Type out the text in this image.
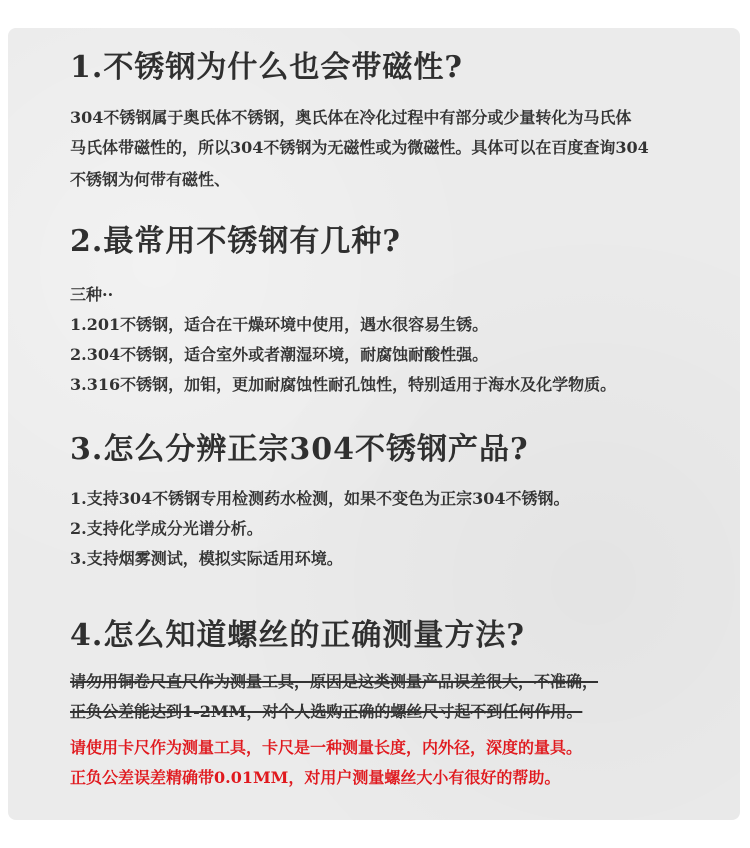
1.不锈钢为什么也会带磁性?
304不锈钢属于奥氏体不锈钢，奥氏体在冷化过程中有部分或少量转化为马氏体
马氏体带磁性的，所以304不锈钢为无磁性或为微磁性。具体可以在百度查询304
不锈钢为何带有磁性、
2.最常用不锈钢有几种?
三种··
1.201不锈钢，适合在干燥环境中使用，遇水很容易生锈。
2.304不锈钢，适合室外或者潮湿环境，耐腐蚀耐酸性强。
3.316不锈钢，加钼，更加耐腐蚀性耐孔蚀性，特别适用于海水及化学物质。
3.怎么分辨正宗304不锈钢产品?
1.支持304不锈钢专用检测药水检测，如果不变色为正宗304不锈钢。
2.支持化学成分光谱分析。
3.支持烟雾测试，模拟实际适用环境。
4.怎么知道螺丝的正确测量方法?
请勿用铜卷尺直尺作为测量工具，原因是这类测量产品误差很大，不准确，
正负公差能达到1-2MM，对个人选购正确的螺丝尺寸起不到任何作用。
请使用卡尺作为测量工具，卡尺是一种测量长度，内外径，深度的量具。
正负公差误差精确带0.01MM，对用户测量螺丝大小有很好的帮助。
